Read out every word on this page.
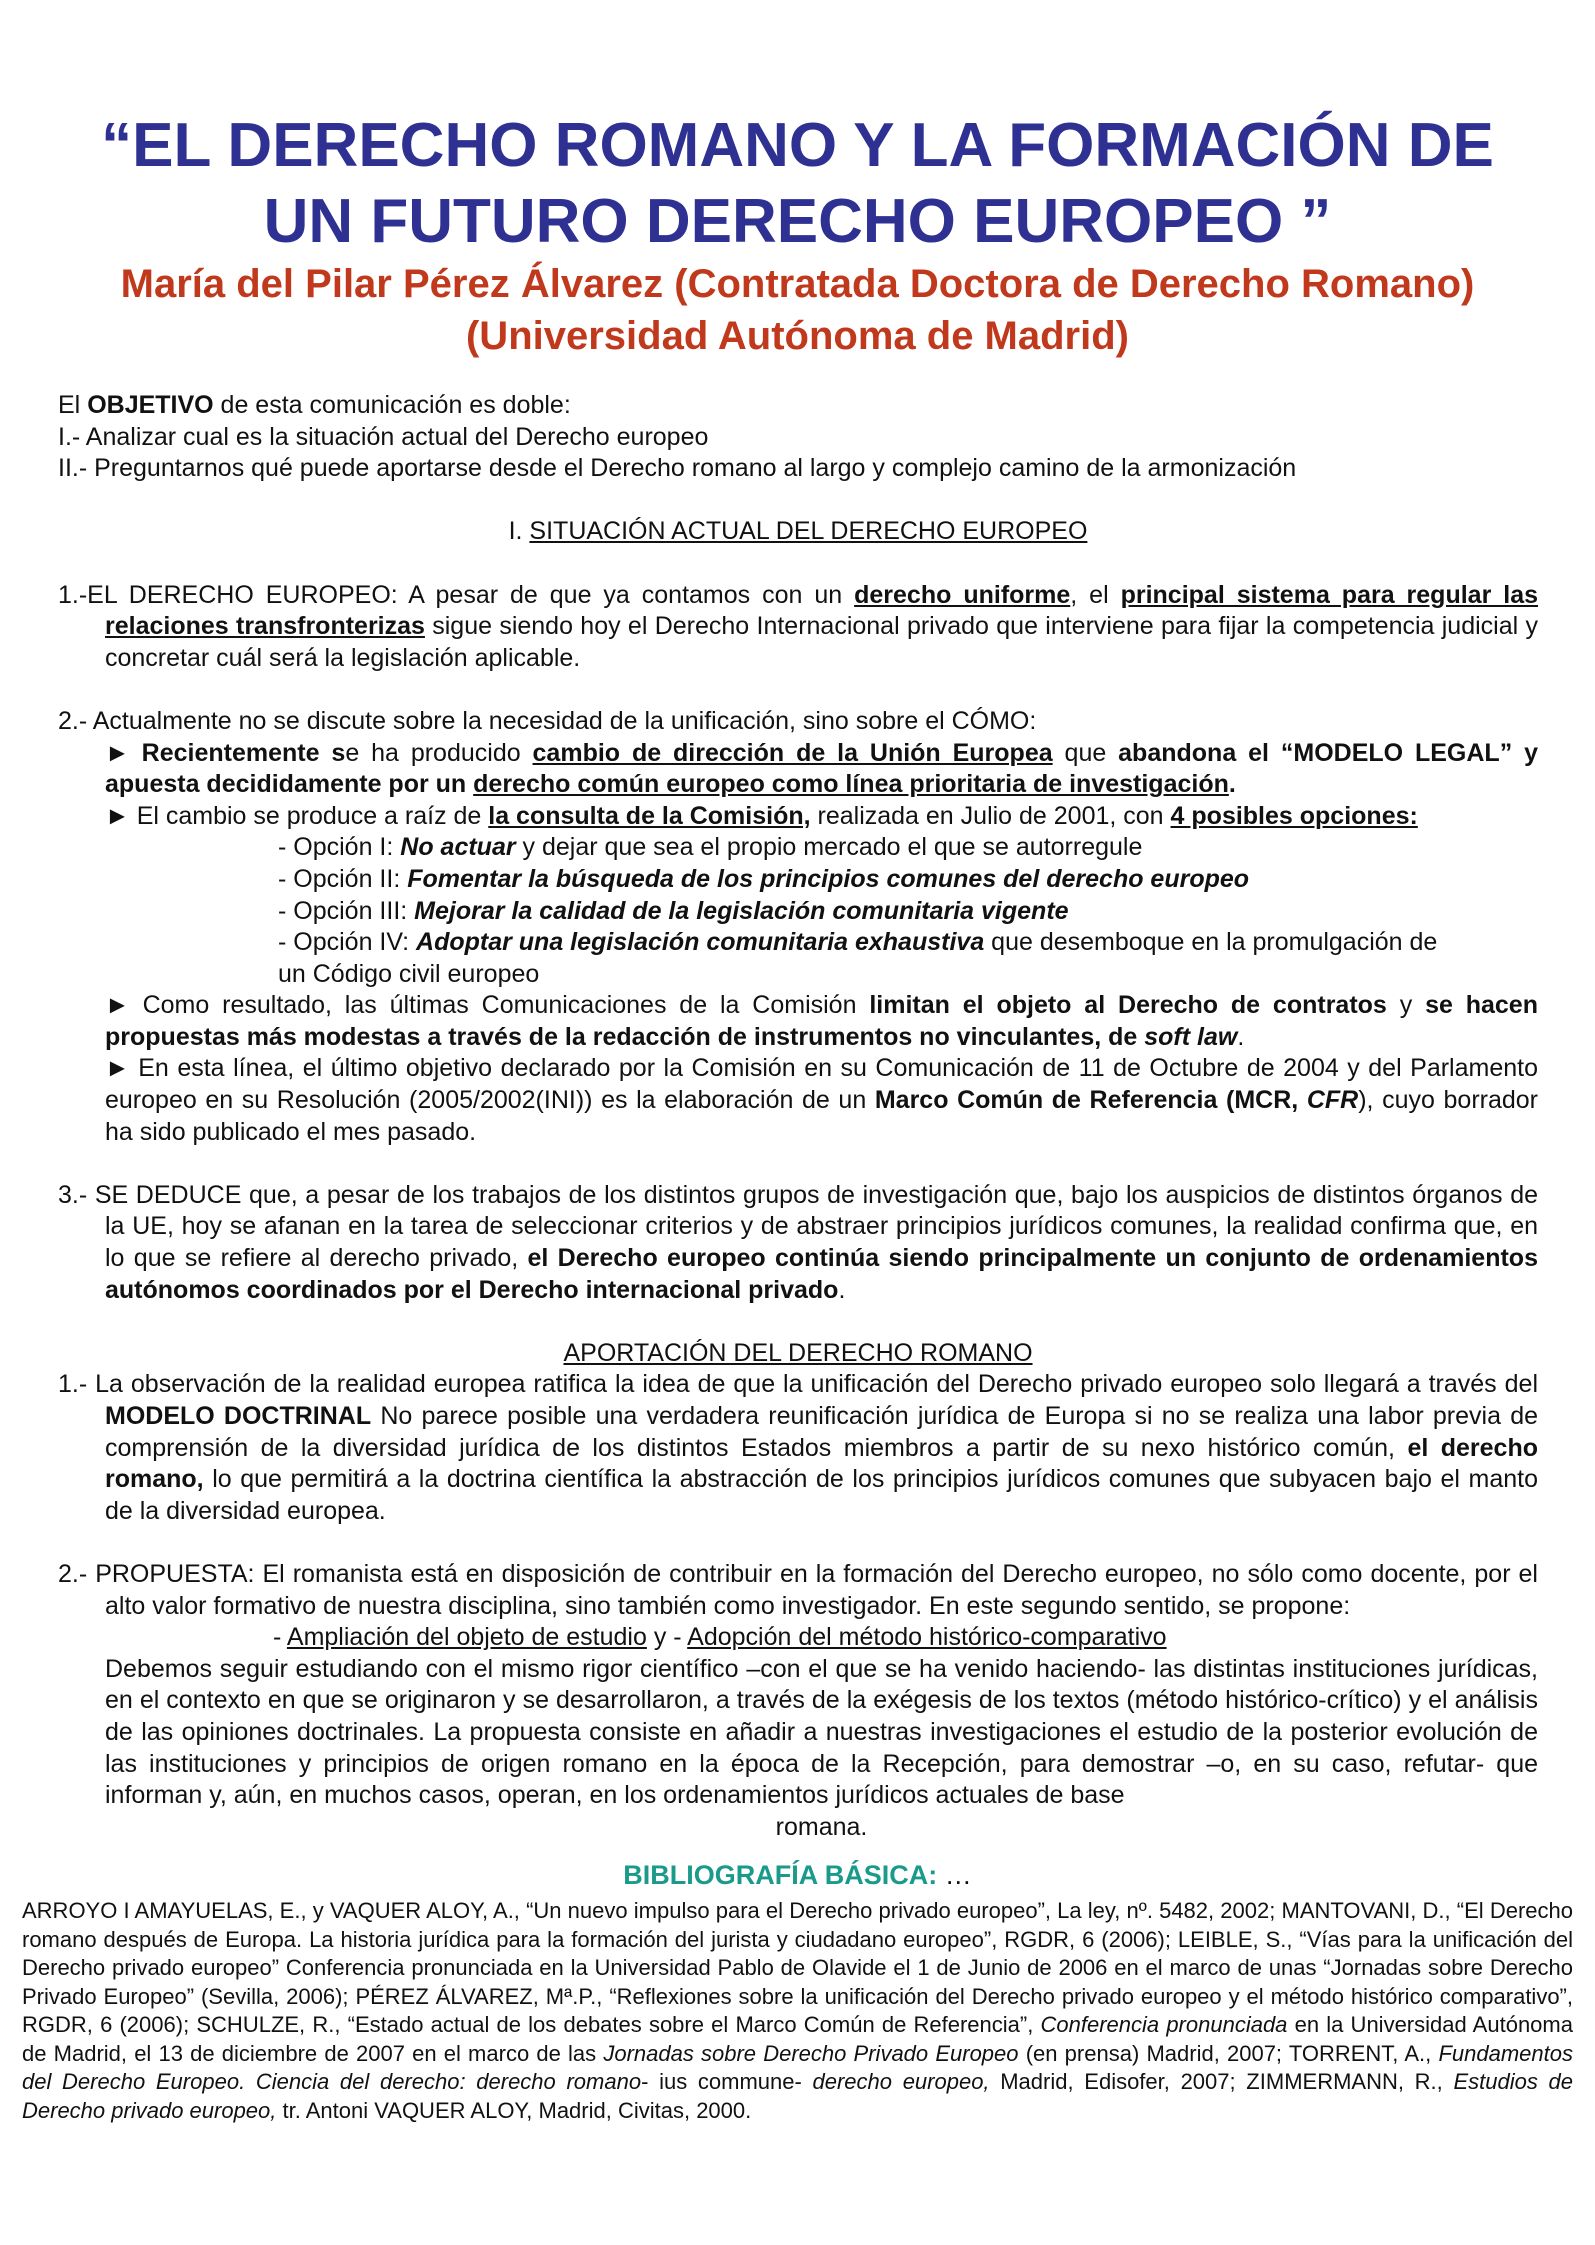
“EL DERECHO ROMANO Y LA FORMACIÓN DE
UN FUTURO DERECHO EUROPEO ”
María del Pilar Pérez Álvarez (Contratada Doctora de Derecho Romano)
(Universidad Autónoma de Madrid)

El OBJETIVO de esta comunicación es doble:

I.- Analizar cual es la situación actual del Derecho europeo

II.- Preguntarnos qué puede aportarse desde el Derecho romano al largo y complejo camino de la armonización

I. SITUACIÓN ACTUAL DEL DERECHO EUROPEO

1.-EL DERECHO EUROPEO: A pesar de que ya contamos con un derecho uniforme, el principal sistema para regular las relaciones transfronterizas sigue siendo hoy el Derecho Internacional privado que interviene para fijar la competencia judicial y concretar cuál será la legislación aplicable.

2.- Actualmente no se discute sobre la necesidad de la unificación, sino sobre el CÓMO:

► Recientemente se ha producido cambio de dirección de la Unión Europea que abandona el “MODELO LEGAL” y apuesta decididamente por un derecho común europeo como línea prioritaria de investigación.

► El cambio se produce a raíz de la consulta de la Comisión, realizada en Julio de 2001, con 4 posibles opciones:

- Opción I: No actuar y dejar que sea el propio mercado el que se autorregule

- Opción II: Fomentar la búsqueda de los principios comunes del derecho europeo

- Opción III: Mejorar la calidad de la legislación comunitaria vigente

- Opción IV: Adoptar una legislación comunitaria exhaustiva que desemboque en la promulgación de

un Código civil europeo

► Como resultado, las últimas Comunicaciones de la Comisión limitan el objeto al Derecho de contratos y se hacen propuestas más modestas a través de la redacción de instrumentos no vinculantes, de soft law.

► En esta línea, el último objetivo declarado por la Comisión en su Comunicación de 11 de Octubre de 2004 y del Parlamento europeo en su Resolución (2005/2002(INI)) es la elaboración de un Marco Común de Referencia (MCR, CFR), cuyo borrador ha sido publicado el mes pasado.

3.- SE DEDUCE que, a pesar de los trabajos de los distintos grupos de investigación que, bajo los auspicios de distintos órganos de la UE, hoy se afanan en la tarea de seleccionar criterios y de abstraer principios jurídicos comunes, la realidad confirma que, en lo que se refiere al derecho privado, el Derecho europeo continúa siendo principalmente un conjunto de ordenamientos autónomos coordinados por el Derecho internacional privado.

APORTACIÓN DEL DERECHO ROMANO

1.- La observación de la realidad europea ratifica la idea de que la unificación del Derecho privado europeo solo llegará a través del MODELO DOCTRINAL No parece posible una verdadera reunificación jurídica de Europa si no se realiza una labor previa de comprensión de la diversidad jurídica de los distintos Estados miembros a partir de su nexo histórico común, el derecho romano, lo que permitirá a la doctrina científica la abstracción de los principios jurídicos comunes que subyacen bajo el manto de la diversidad europea.

2.- PROPUESTA: El romanista está en disposición de contribuir en la formación del Derecho europeo, no sólo como docente, por el alto valor formativo de nuestra disciplina, sino también como investigador. En este segundo sentido, se propone:

- Ampliación del objeto de estudio y - Adopción del método histórico-comparativo

Debemos seguir estudiando con el mismo rigor científico –con el que se ha venido haciendo- las distintas instituciones jurídicas, en el contexto en que se originaron y se desarrollaron, a través de la exégesis de los textos (método histórico-crítico) y el análisis de las opiniones doctrinales. La propuesta consiste en añadir a nuestras investigaciones el estudio de la posterior evolución de las instituciones y principios de origen romano en la época de la Recepción, para demostrar –o, en su caso, refutar- que informan y, aún, en muchos casos, operan, en los ordenamientos jurídicos actuales de base

romana.

BIBLIOGRAFÍA BÁSICA: …
ARROYO I AMAYUELAS, E., y VAQUER ALOY, A., “Un nuevo impulso para el Derecho privado europeo”, La ley, nº. 5482, 2002; MANTOVANI, D., “El Derecho romano después de Europa. La historia jurídica para la formación del jurista y ciudadano europeo”, RGDR, 6 (2006); LEIBLE, S., “Vías para la unificación del Derecho privado europeo” Conferencia pronunciada en la Universidad Pablo de Olavide el 1 de Junio de 2006 en el marco de unas “Jornadas sobre Derecho Privado Europeo” (Sevilla, 2006); PÉREZ ÁLVAREZ, Mª.P., “Reflexiones sobre la unificación del Derecho privado europeo y el método histórico comparativo”, RGDR, 6 (2006); SCHULZE, R., “Estado actual de los debates sobre el Marco Común de Referencia”, Conferencia pronunciada en la Universidad Autónoma de Madrid, el 13 de diciembre de 2007 en el marco de las Jornadas sobre Derecho Privado Europeo (en prensa) Madrid, 2007; TORRENT, A., Fundamentos del Derecho Europeo. Ciencia del derecho: derecho romano- ius commune- derecho europeo, Madrid, Edisofer, 2007; ZIMMERMANN, R., Estudios de Derecho privado europeo, tr. Antoni VAQUER ALOY, Madrid, Civitas, 2000.
